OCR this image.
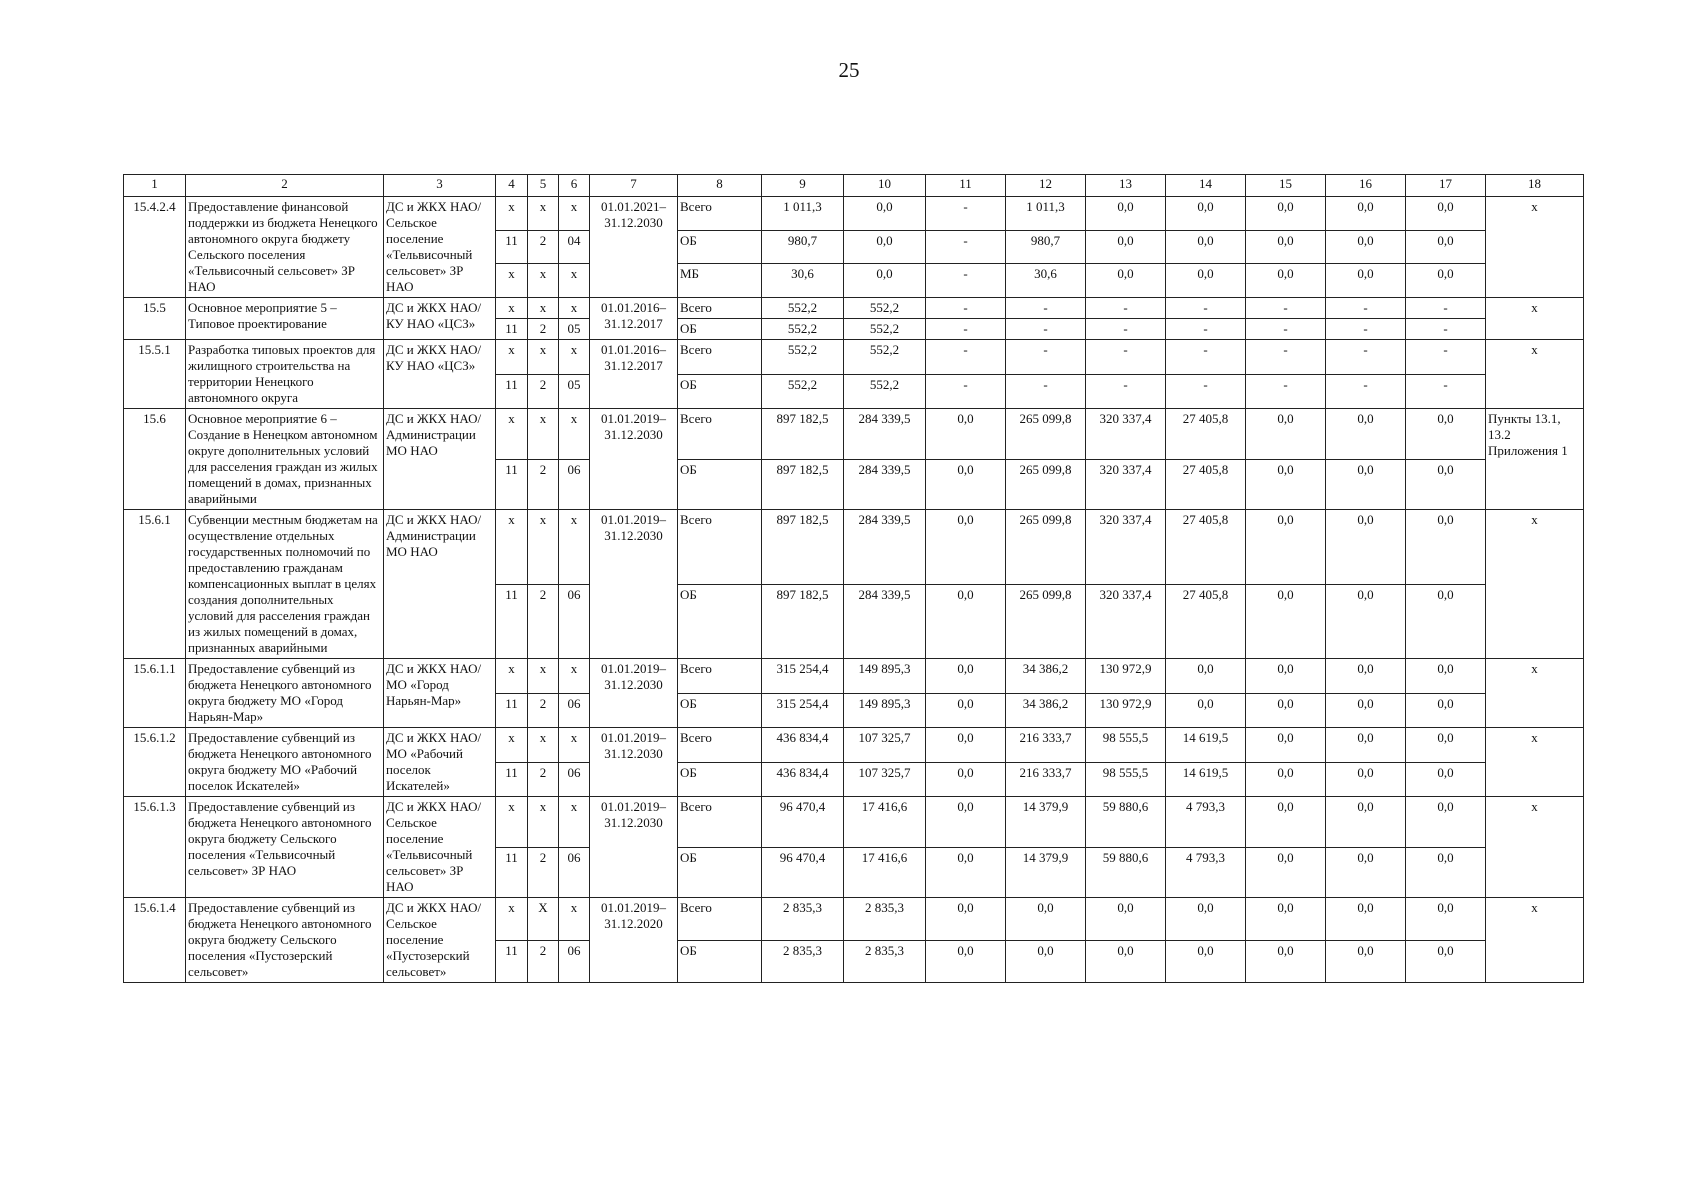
25
1	2	3	4	5	6	7	8	9	10	11	12	13	14	15	16	17	18
15.4.2.4	Предоставление финансовой поддержки из бюджета Ненецкого автономного округа бюджету Сельского поселения «Тельвисочный сельсовет» ЗР НАО	ДС и ЖКХ НАО/ Сельское поселение «Тельвисочный сельсовет» ЗР НАО	х	х	х	01.01.2021– 31.12.2030	Всего	1 011,3	0,0	-	1 011,3	0,0	0,0	0,0	0,0	0,0	х
			11	2	04		ОБ	980,7	0,0	-	980,7	0,0	0,0	0,0	0,0	0,0	
			х	х	х		МБ	30,6	0,0	-	30,6	0,0	0,0	0,0	0,0	0,0	
15.5	Основное мероприятие 5 – Типовое проектирование	ДС и ЖКХ НАО/ КУ НАО «ЦСЗ»	х	х	х	01.01.2016– 31.12.2017	Всего	552,2	552,2	-	-	-	-	-	-	-	х
			11	2	05		ОБ	552,2	552,2	-	-	-	-	-	-	-	
15.5.1	Разработка типовых проектов для жилищного строительства на территории Ненецкого автономного округа	ДС и ЖКХ НАО/ КУ НАО «ЦСЗ»	х	х	х	01.01.2016– 31.12.2017	Всего	552,2	552,2	-	-	-	-	-	-	-	х
			11	2	05		ОБ	552,2	552,2	-	-	-	-	-	-	-	
15.6	Основное мероприятие 6 – Создание в Ненецком автономном округе дополнительных условий для расселения граждан из жилых помещений в домах, признанных аварийными	ДС и ЖКХ НАО/ Администрации МО НАО	х	х	х	01.01.2019– 31.12.2030	Всего	897 182,5	284 339,5	0,0	265 099,8	320 337,4	27 405,8	0,0	0,0	0,0	Пункты 13.1, 13.2 Приложения 1
			11	2	06		ОБ	897 182,5	284 339,5	0,0	265 099,8	320 337,4	27 405,8	0,0	0,0	0,0	
15.6.1	Субвенции местным бюджетам на осуществление отдельных государственных полномочий по предоставлению гражданам компенсационных выплат в целях создания дополнительных условий для расселения граждан из жилых помещений в домах, признанных аварийными	ДС и ЖКХ НАО/ Администрации МО НАО	х	х	х	01.01.2019– 31.12.2030	Всего	897 182,5	284 339,5	0,0	265 099,8	320 337,4	27 405,8	0,0	0,0	0,0	х
			11	2	06		ОБ	897 182,5	284 339,5	0,0	265 099,8	320 337,4	27 405,8	0,0	0,0	0,0	
15.6.1.1	Предоставление субвенций из бюджета Ненецкого автономного округа бюджету МО «Город Нарьян-Мар»	ДС и ЖКХ НАО/ МО «Город Нарьян-Мар»	х	х	х	01.01.2019– 31.12.2030	Всего	315 254,4	149 895,3	0,0	34 386,2	130 972,9	0,0	0,0	0,0	0,0	х
			11	2	06		ОБ	315 254,4	149 895,3	0,0	34 386,2	130 972,9	0,0	0,0	0,0	0,0	
15.6.1.2	Предоставление субвенций из бюджета Ненецкого автономного округа бюджету МО «Рабочий поселок Искателей»	ДС и ЖКХ НАО/ МО «Рабочий поселок Искателей»	х	х	х	01.01.2019– 31.12.2030	Всего	436 834,4	107 325,7	0,0	216 333,7	98 555,5	14 619,5	0,0	0,0	0,0	х
			11	2	06		ОБ	436 834,4	107 325,7	0,0	216 333,7	98 555,5	14 619,5	0,0	0,0	0,0	
15.6.1.3	Предоставление субвенций из бюджета Ненецкого автономного округа бюджету Сельского поселения «Тельвисочный сельсовет» ЗР НАО	ДС и ЖКХ НАО/ Сельское поселение «Тельвисочный сельсовет» ЗР НАО	х	х	х	01.01.2019– 31.12.2030	Всего	96 470,4	17 416,6	0,0	14 379,9	59 880,6	4 793,3	0,0	0,0	0,0	х
			11	2	06		ОБ	96 470,4	17 416,6	0,0	14 379,9	59 880,6	4 793,3	0,0	0,0	0,0	
15.6.1.4	Предоставление субвенций из бюджета Ненецкого автономного округа бюджету Сельского поселения «Пустозерский сельсовет»	ДС и ЖКХ НАО/ Сельское поселение «Пустозерский сельсовет»	х	Х	х	01.01.2019– 31.12.2020	Всего	2 835,3	2 835,3	0,0	0,0	0,0	0,0	0,0	0,0	0,0	х
			11	2	06		ОБ	2 835,3	2 835,3	0,0	0,0	0,0	0,0	0,0	0,0	0,0	
